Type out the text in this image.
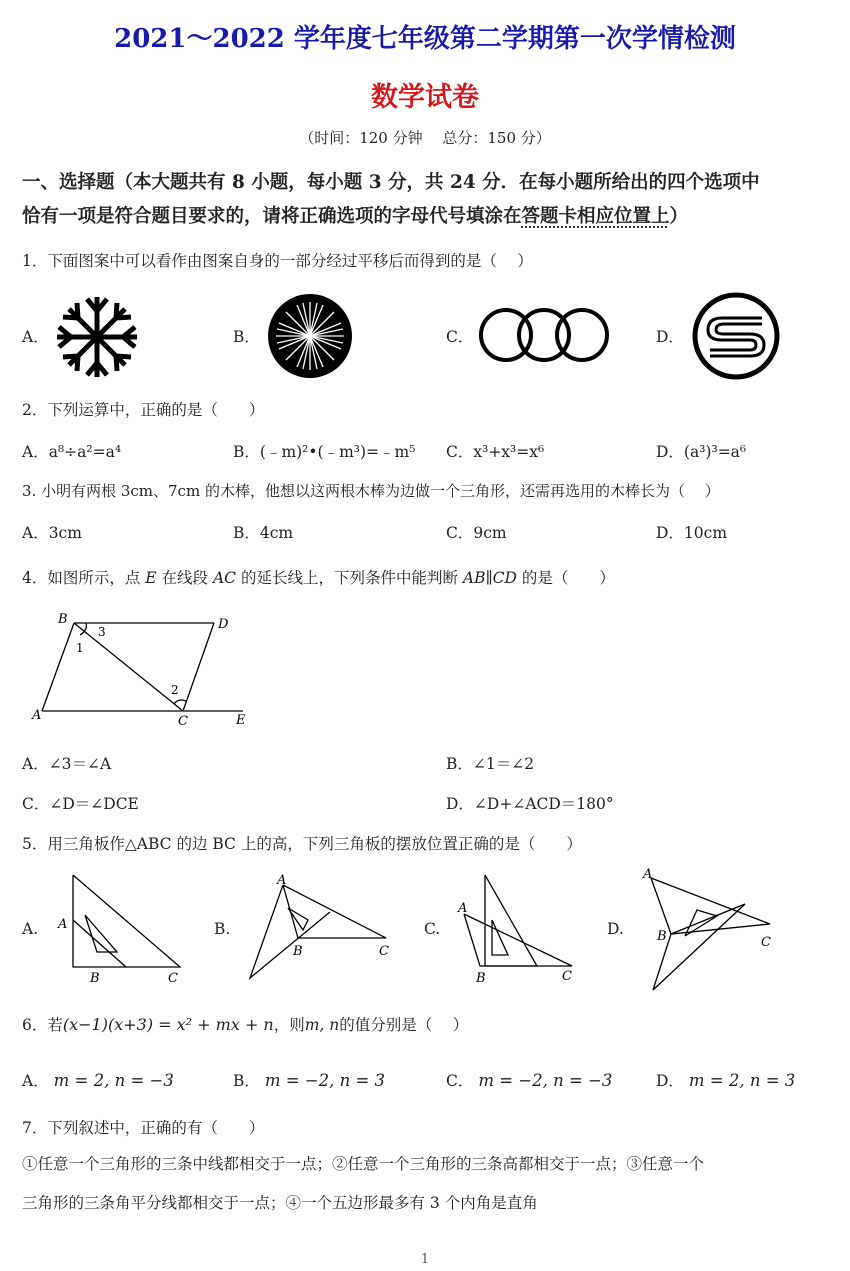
2021～2022 学年度七年级第二学期第一次学情检测
数学试卷
（时间：120 分钟　 总分：150 分）
一、选择题（本大题共有 8 小题，每小题 3 分，共 24 分．在每小题所给出的四个选项中
恰有一项是符合题目要求的，请将正确选项的字母代号填涂在答题卡相应位置上）
1．下面图案中可以看作由图案自身的一部分经过平移后而得到的是（　 ）
A．	B．	C．	D．
2．下列运算中，正确的是（　　）
A．a⁸÷a²=a⁴	B．(﹣m)²•(﹣m³)=﹣m⁵ C．x³+x³=x⁶	D．(a³)³=a⁶
3. 小明有两根 3cm、7cm 的木棒，他想以这两根木棒为边做一个三角形，还需再选用的木棒长为（　 ）
A．3cm	B．4cm	C．9cm	D．10cm
4．如图所示，点 E 在线段 AC 的延长线上，下列条件中能判断 AB∥CD 的是（　　）
B
3	D
1
2
A	C	E
A．∠3＝∠A	B．∠1＝∠2
C．∠D＝∠DCE	D．∠D+∠ACD＝180°
5．用三角板作△ABC 的边 BC 上的高，下列三角板的摆放位置正确的是（　　）
A.	B.	C.	D.
A
B	C
A
B	C
A
B	C
A
B	C
6．若(x−1)(x+3) = x² + mx + n，则m, n的值分别是（　 ）
A． m = 2, n = −3	B． m = −2, n = 3	C． m = −2, n = −3	D． m = 2, n = 3
7．下列叙述中，正确的有（　　）
①任意一个三角形的三条中线都相交于一点；②任意一个三角形的三条高都相交于一点；③任意一个
三角形的三条角平分线都相交于一点；④一个五边形最多有 3 个内角是直角
1
